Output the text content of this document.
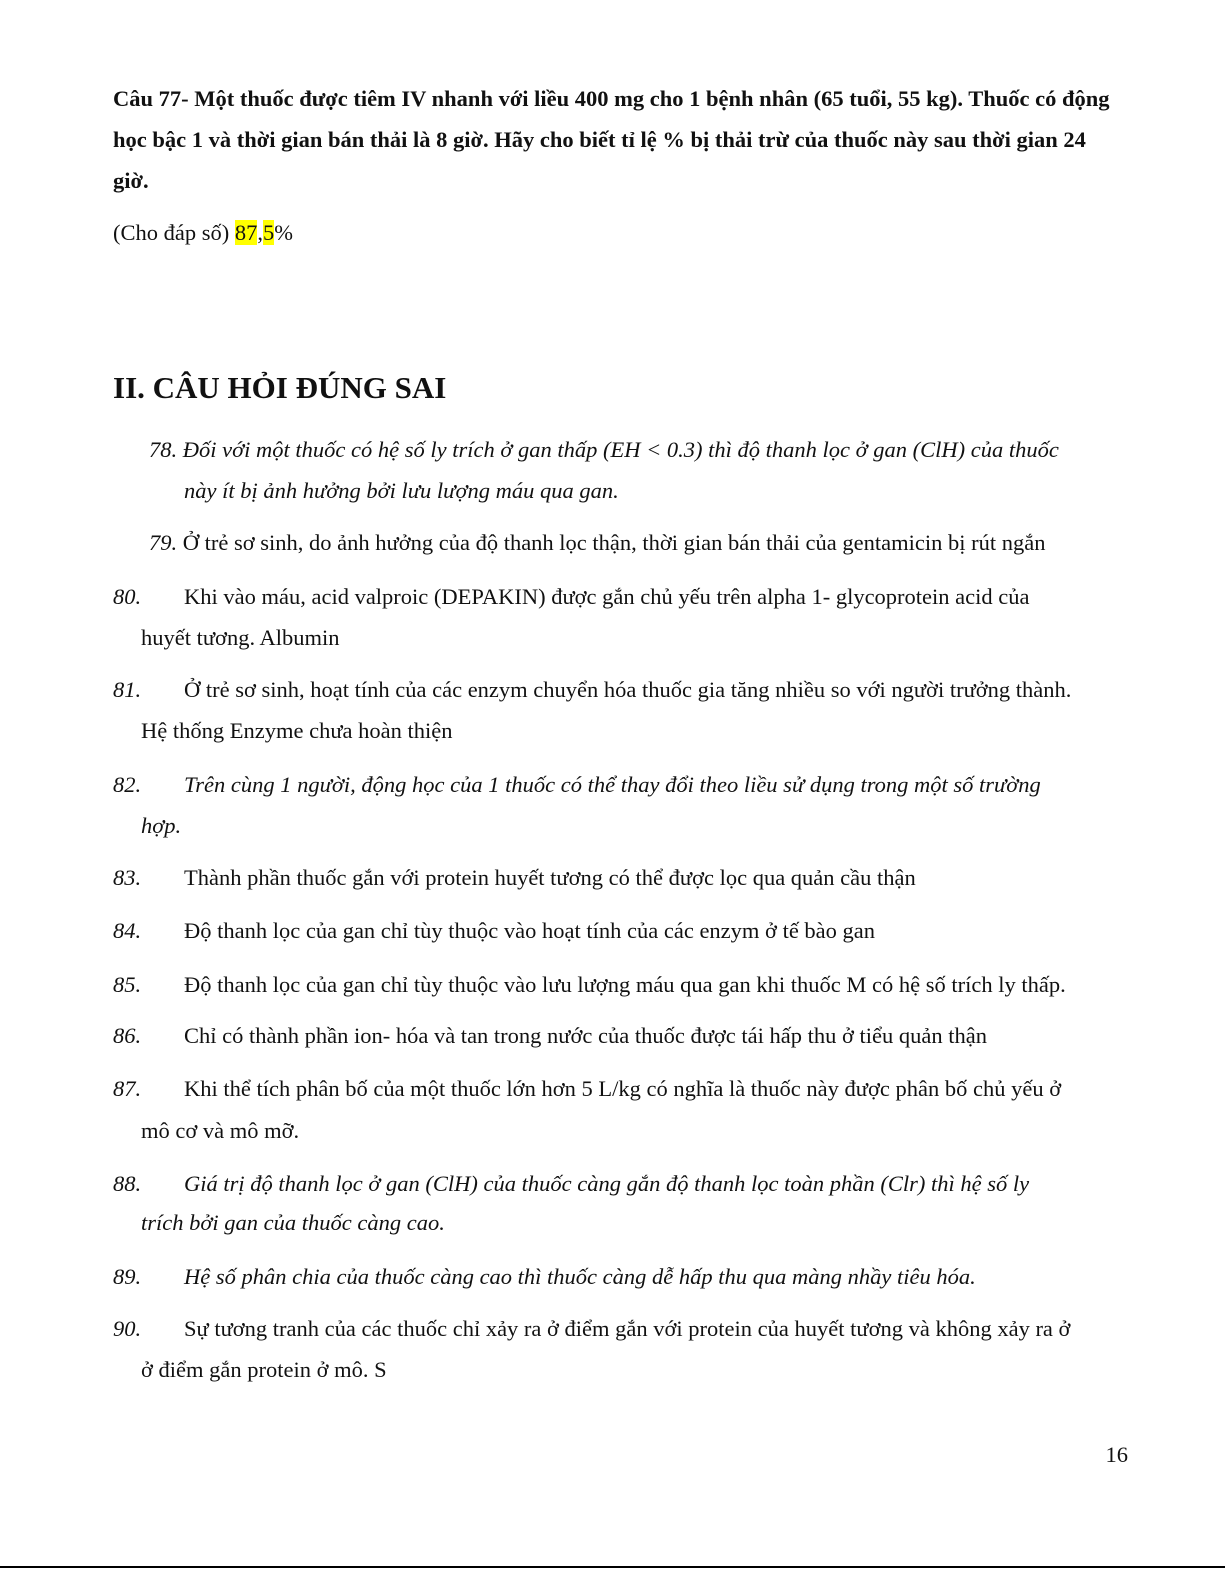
Câu 77- Một thuốc được tiêm IV nhanh với liều 400 mg cho 1 bệnh nhân (65 tuổi, 55 kg). Thuốc có động học bậc 1 và thời gian bán thải là 8 giờ. Hãy cho biết tỉ lệ % bị thải trừ của thuốc này sau thời gian 24 giờ.

(Cho đáp số) 87,5%

II. CÂU HỎI ĐÚNG SAI

78. Đối với một thuốc có hệ số ly trích ở gan thấp (EH < 0.3) thì độ thanh lọc ở gan (ClH) của thuốc

này ít bị ảnh hưởng bởi lưu lượng máu qua gan.

79. Ở trẻ sơ sinh, do ảnh hưởng của độ thanh lọc thận, thời gian bán thải của gentamicin bị rút ngắn

80. Khi vào máu, acid valproic (DEPAKIN) được gắn chủ yếu trên alpha 1- glycoprotein acid của

huyết tương. Albumin

81. Ở trẻ sơ sinh, hoạt tính của các enzym chuyển hóa thuốc gia tăng nhiều so với người trưởng thành.

Hệ thống Enzyme chưa hoàn thiện

82. Trên cùng 1 người, động học của 1 thuốc có thể thay đổi theo liều sử dụng trong một số trường

hợp.

83. Thành phần thuốc gắn với protein huyết tương có thể được lọc qua quản cầu thận

84. Độ thanh lọc của gan chỉ tùy thuộc vào hoạt tính của các enzym ở tế bào gan

85. Độ thanh lọc của gan chỉ tùy thuộc vào lưu lượng máu qua gan khi thuốc M có hệ số trích ly thấp.

86. Chỉ có thành phần ion- hóa và tan trong nước của thuốc được tái hấp thu ở tiểu quản thận

87. Khi thể tích phân bố của một thuốc lớn hơn 5 L/kg có nghĩa là thuốc này được phân bố chủ yếu ở

mô cơ và mô mỡ.

88. Giá trị độ thanh lọc ở gan (ClH) của thuốc càng gắn độ thanh lọc toàn phần (Clr) thì hệ số ly

trích bởi gan của thuốc càng cao.

89. Hệ số phân chia của thuốc càng cao thì thuốc càng dễ hấp thu qua màng nhầy tiêu hóa.

90. Sự tương tranh của các thuốc chỉ xảy ra ở điểm gắn với protein của huyết tương và không xảy ra ở

ở điểm gắn protein ở mô. S

16
